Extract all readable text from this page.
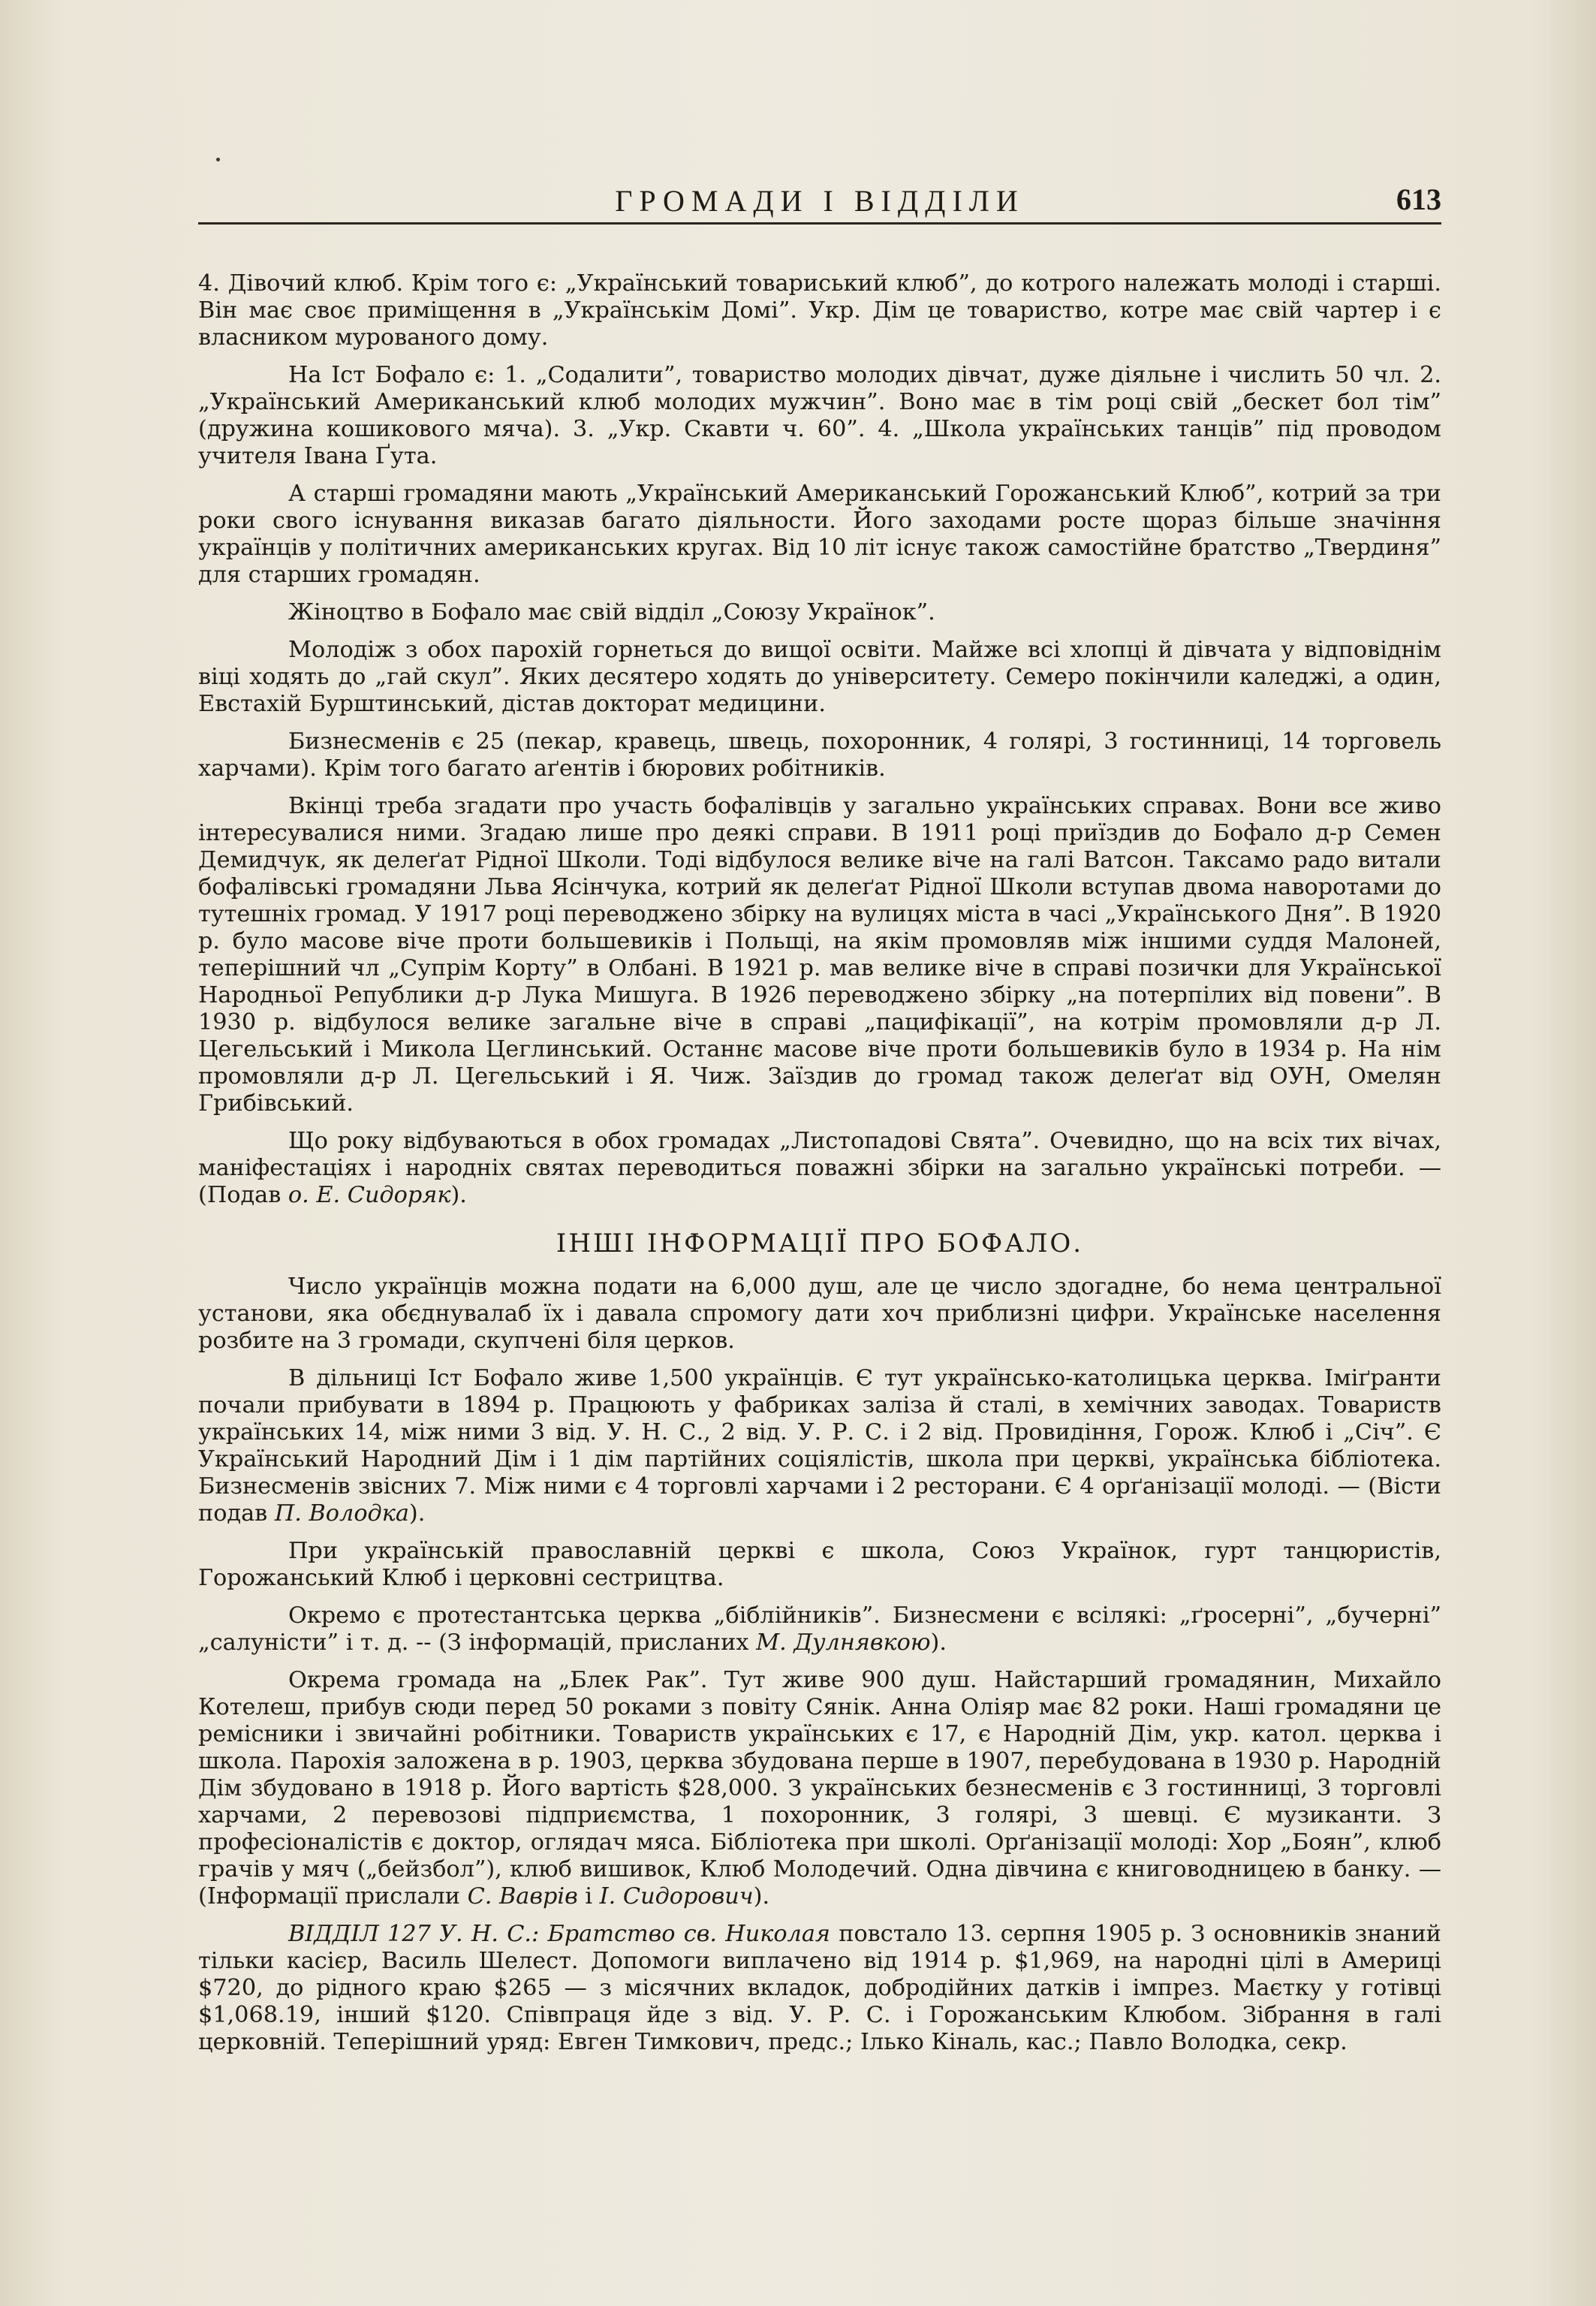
ГРОМАДИ І ВІДДІЛИ	613

4. Дівочий клюб. Крім того є: „Український товариський клюб”, до котрого належать молоді і старші. Він має своє приміщення в „Українськім Домі”. Укр. Дім це товариство, котре має свій чартер і є власником мурованого дому.

На Іст Бофало є: 1. „Содалити”, товариство молодих дівчат, дуже діяльне і числить 50 чл. 2. „Український Американський клюб молодих мужчин”. Воно має в тім році свій „бескет бол тім” (дружина кошикового мяча). 3. „Укр. Скавти ч. 60”. 4. „Школа українських танців” під проводом учителя Івана Ґута.

А старші громадяни мають „Український Американський Горожанський Клюб”, котрий за три роки свого існування виказав багато діяльности. Його заходами росте щораз більше значіння українців у політичних американських кругах. Від 10 літ існує також самостійне братство „Твердиня” для старших громадян.

Жіноцтво в Бофало має свій відділ „Союзу Українок”.

Молодіж з обох парохій горнеться до вищої освіти. Майже всі хлопці й дівчата у відповіднім віці ходять до „гай скул”. Яких десятеро ходять до університету. Семеро покінчили каледжі, а один, Евстахій Бурштинський, дістав докторат медицини.

Бизнесменів є 25 (пекар, кравець, швець, похоронник, 4 голярі, 3 гостинниці, 14 торговель харчами). Крім того багато аґентів і бюрових робітників.

Вкінці треба згадати про участь бофалівців у загально українських справах. Вони все живо інтересувалися ними. Згадаю лише про деякі справи. В 1911 році приїздив до Бофало д-р Семен Демидчук, як делеґат Рідної Школи. Тоді відбулося велике віче на галі Ватсон. Таксамо радо витали бофалівські громадяни Льва Ясінчука, котрий як делеґат Рідної Школи вступав двома наворотами до тутешніх громад. У 1917 році переводжено збірку на вулицях міста в часі „Українського Дня”. В 1920 р. було масове віче проти большевиків і Польщі, на якім промовляв між іншими суддя Малоней, теперішний чл „Супрім Корту” в Олбані. В 1921 р. мав велике віче в справі позички для Української Народньої Републики д-р Лука Мишуга. В 1926 переводжено збірку „на потерпілих від повени”. В 1930 р. відбулося велике загальне віче в справі „пацифікації”, на котрім промовляли д-р Л. Цегельський і Микола Цеглинський. Останнє масове віче проти большевиків було в 1934 р. На нім промовляли д-р Л. Цегельський і Я. Чиж. Заїздив до громад також делеґат від ОУН, Омелян Грибівський.

Що року відбуваються в обох громадах „Листопадові Свята”. Очевидно, що на всіх тих вічах, маніфестаціях і народніх святах переводиться поважні збірки на загально українські потреби. — (Подав о. Е. Сидоряк).

ІНШІ ІНФОРМАЦІЇ ПРО БОФАЛО.

Число українців можна подати на 6,000 душ, але це число здогадне, бо нема центральної установи, яка обєднувалаб їх і давала спромогу дати хоч приблизні цифри. Українське населення розбите на 3 громади, скупчені біля церков.

В дільниці Іст Бофало живе 1,500 українців. Є тут українсько-католицька церква. Іміґранти почали прибувати в 1894 р. Працюють у фабриках заліза й сталі, в хемічних заводах. Товариств українських 14, між ними 3 від. У. Н. С., 2 від. У. Р. С. і 2 від. Провидіння, Горож. Клюб і „Січ”. Є Український Народний Дім і 1 дім партійних соціялістів, школа при церкві, українська бібліотека. Бизнесменів звісних 7. Між ними є 4 торговлі харчами і 2 ресторани. Є 4 орґанізації молоді. — (Вісти подав П. Володка).

При українській православній церкві є школа, Союз Українок, гурт танцюристів, Горожанський Клюб і церковні сестрицтва.

Окремо є протестантська церква „біблійників”. Бизнесмени є всілякі: „ґросерні”, „бучерні” „салуністи” і т. д. -- (З інформацій, присланих М. Дулнявкою).

Окрема громада на „Блек Рак”. Тут живе 900 душ. Найстарший громадянин, Михайло Котелеш, прибув сюди перед 50 роками з повіту Сянік. Анна Оліяр має 82 роки. Наші громадяни це ремісники і звичайні робітники. Товариств українських є 17, є Народній Дім, укр. катол. церква і школа. Парохія заложена в р. 1903, церква збудована перше в 1907, перебудована в 1930 р. Народній Дім збудовано в 1918 р. Його вартість $28,000. З українських безнесменів є 3 гостинниці, 3 торговлі харчами, 2 перевозові підприємства, 1 похоронник, 3 голярі, 3 шевці. Є музиканти. З професіоналістів є доктор, оглядач мяса. Бібліотека при школі. Орґанізації молоді: Хор „Боян”, клюб грачів у мяч („бейзбол”), клюб вишивок, Клюб Молодечий. Одна дівчина є книговодницею в банку. — (Інформації прислали С. Ваврів і І. Сидорович).

ВІДДІЛ 127 У. Н. С.: Братство св. Николая повстало 13. серпня 1905 р. З основників знаний тільки касієр, Василь Шелест. Допомоги виплачено від 1914 р. $1,969, на народні цілі в Америці $720, до рідного краю $265 — з місячних вкладок, добродійних датків і імпрез. Маєтку у готівці $1,068.19, інший $120. Співпраця йде з від. У. Р. С. і Горожанським Клюбом. Зібрання в галі церковній. Теперішний уряд: Евген Тимкович, предс.; Ілько Кіналь, кас.; Павло Володка, секр.
